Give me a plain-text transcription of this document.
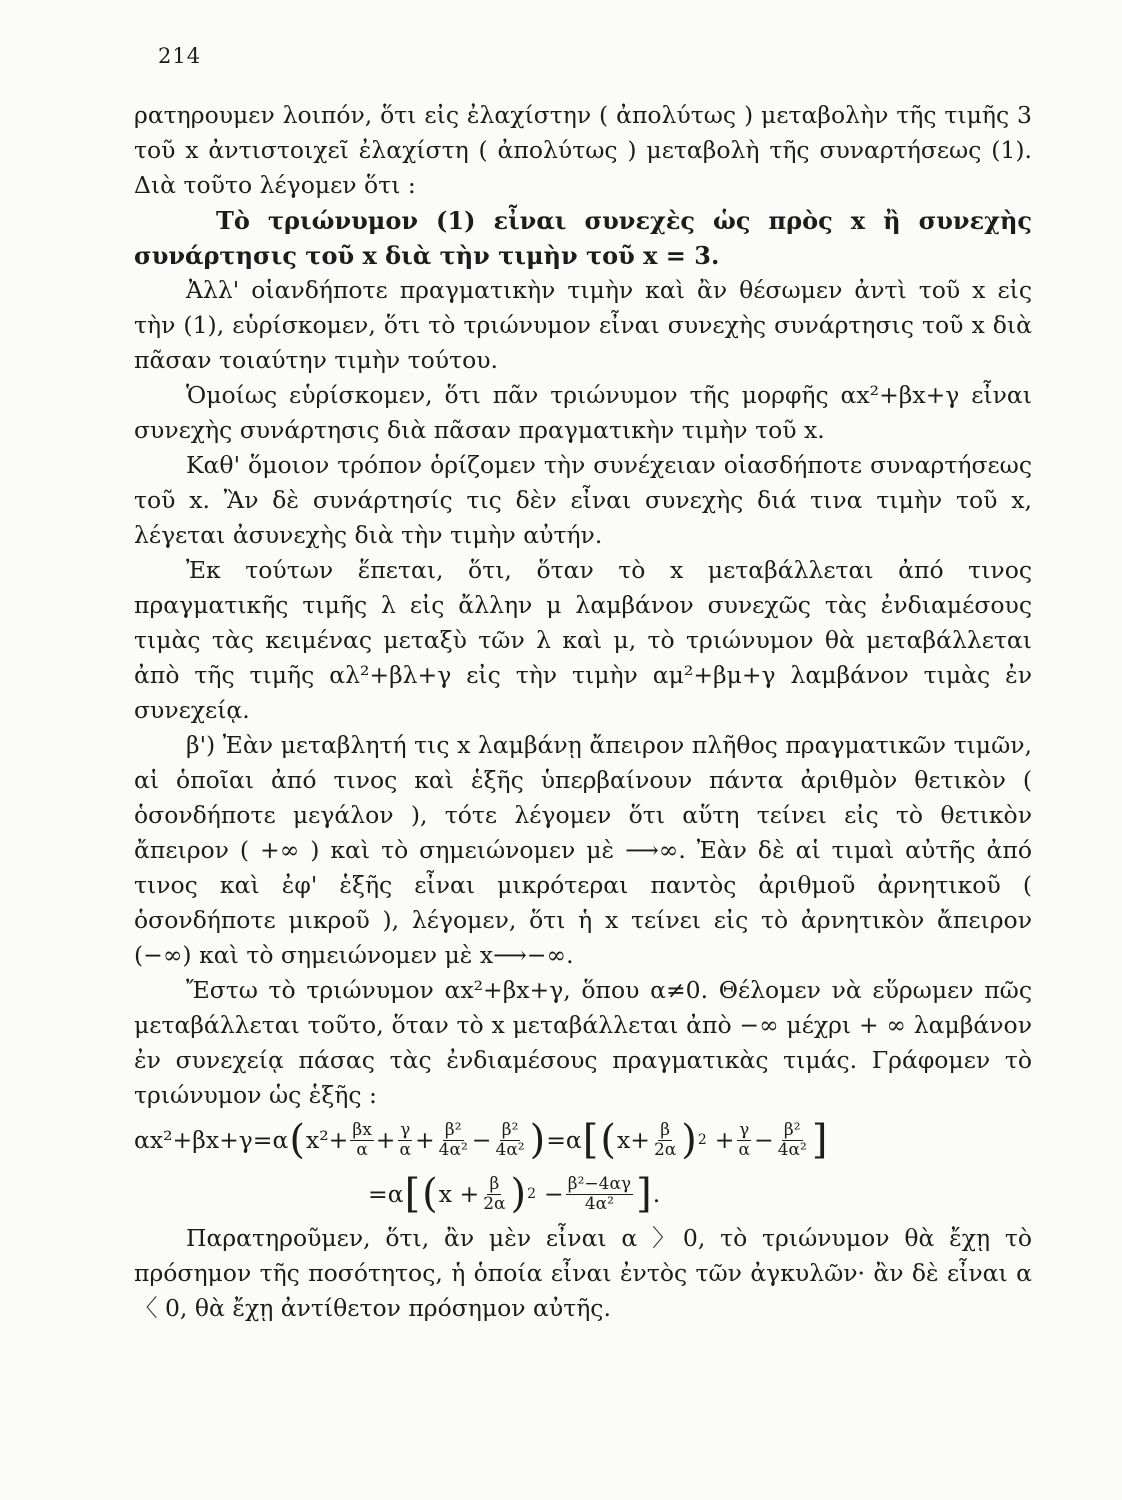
214

ρατηρουμεν λοιπόν, ὅτι εἰς ἐλαχίστην ( ἀπολύτως ) μεταβολὴν τῆς τιμῆς 3 τοῦ x ἀντιστοιχεῖ ἐλαχίστη ( ἀπολύτως ) μεταβολὴ τῆς συναρτήσεως (1). Διὰ τοῦτο λέγομεν ὅτι :

Τὸ τριώνυμον (1) εἶναι συνεχὲς ὡς πρὸς x ἢ συνεχὴς συνάρτησις τοῦ x διὰ τὴν τιμὴν τοῦ x = 3.

Ἀλλ' οἱανδήποτε πραγματικὴν τιμὴν καὶ ἂν θέσωμεν ἀντὶ τοῦ x εἰς τὴν (1), εὑρίσκομεν, ὅτι τὸ τριώνυμον εἶναι συνεχὴς συνάρτησις τοῦ x διὰ πᾶσαν τοιαύτην τιμὴν τούτου.

Ὁμοίως εὑρίσκομεν, ὅτι πᾶν τριώνυμον τῆς μορφῆς αx²+βx+γ εἶναι συνεχὴς συνάρτησις διὰ πᾶσαν πραγματικὴν τιμὴν τοῦ x.

Καθ' ὅμοιον τρόπον ὁρίζομεν τὴν συνέχειαν οἱασδήποτε συναρτήσεως τοῦ x. Ἂν δὲ συνάρτησίς τις δὲν εἶναι συνεχὴς διά τινα τιμὴν τοῦ x, λέγεται ἀσυνεχὴς διὰ τὴν τιμὴν αὐτήν.

Ἐκ τούτων ἕπεται, ὅτι, ὅταν τὸ x μεταβάλλεται ἀπό τινος πραγματικῆς τιμῆς λ εἰς ἄλλην μ λαμβάνον συνεχῶς τὰς ἐνδιαμέσους τιμὰς τὰς κειμένας μεταξὺ τῶν λ καὶ μ, τὸ τριώνυμον θὰ μεταβάλλεται ἀπὸ τῆς τιμῆς αλ²+βλ+γ εἰς τὴν τιμὴν αμ²+βμ+γ λαμβάνον τιμὰς ἐν συνεχείᾳ.

β') Ἐὰν μεταβλητή τις x λαμβάνῃ ἄπειρον πλῆθος πραγματικῶν τιμῶν, αἱ ὁποῖαι ἀπό τινος καὶ ἑξῆς ὑπερβαίνουν πάντα ἀριθμὸν θετικὸν ( ὁσονδήποτε μεγάλον ), τότε λέγομεν ὅτι αὕτη τείνει εἰς τὸ θετικὸν ἄπειρον ( +∞ ) καὶ τὸ σημειώνομεν μὲ ⟶∞. Ἐὰν δὲ αἱ τιμαὶ αὐτῆς ἀπό τινος καὶ ἐφ' ἑξῆς εἶναι μικρότεραι παντὸς ἀριθμοῦ ἀρνητικοῦ ( ὁσονδήποτε μικροῦ ), λέγομεν, ὅτι ἡ x τείνει εἰς τὸ ἀρνητικὸν ἄπειρον (−∞) καὶ τὸ σημειώνομεν μὲ x⟶−∞.

Ἔστω τὸ τριώνυμον αx²+βx+γ, ὅπου α≠0. Θέλομεν νὰ εὕρωμεν πῶς μεταβάλλεται τοῦτο, ὅταν τὸ x μεταβάλλεται ἀπὸ −∞ μέχρι + ∞ λαμβάνον ἐν συνεχείᾳ πάσας τὰς ἐνδιαμέσους πραγματικὰς τιμάς. Γράφομεν τὸ τριώνυμον ὡς ἑξῆς :

αx²+βx+γ=α ( $x^2+ \frac{\beta x}{\alpha} + \frac{\gamma}{\alpha} + \frac{\text{β²}}{\text{4α²}} - \frac{\text{β²}}{\text{4α²}}$ ) =α [ ( $x+ \frac{\beta}{2\alpha}$ ) $2 + \frac{\gamma}{\alpha} - \frac{\text{β²}}{\text{4α²}}$ ]
=α [ ( $x + \frac{\beta}{2\alpha}$ ) $2 - \frac{\text{β²−4αγ}}{\text{4α²}}$ ] .

Παρατηροῦμεν, ὅτι, ἂν μὲν εἶναι α 〉0, τὸ τριώνυμον θὰ ἔχῃ τὸ πρόσημον τῆς ποσότητος, ἡ ὁποία εἶναι ἐντὸς τῶν ἀγκυλῶν· ἂν δὲ εἶναι α〈 0, θὰ ἔχῃ ἀντίθετον πρόσημον αὐτῆς.
